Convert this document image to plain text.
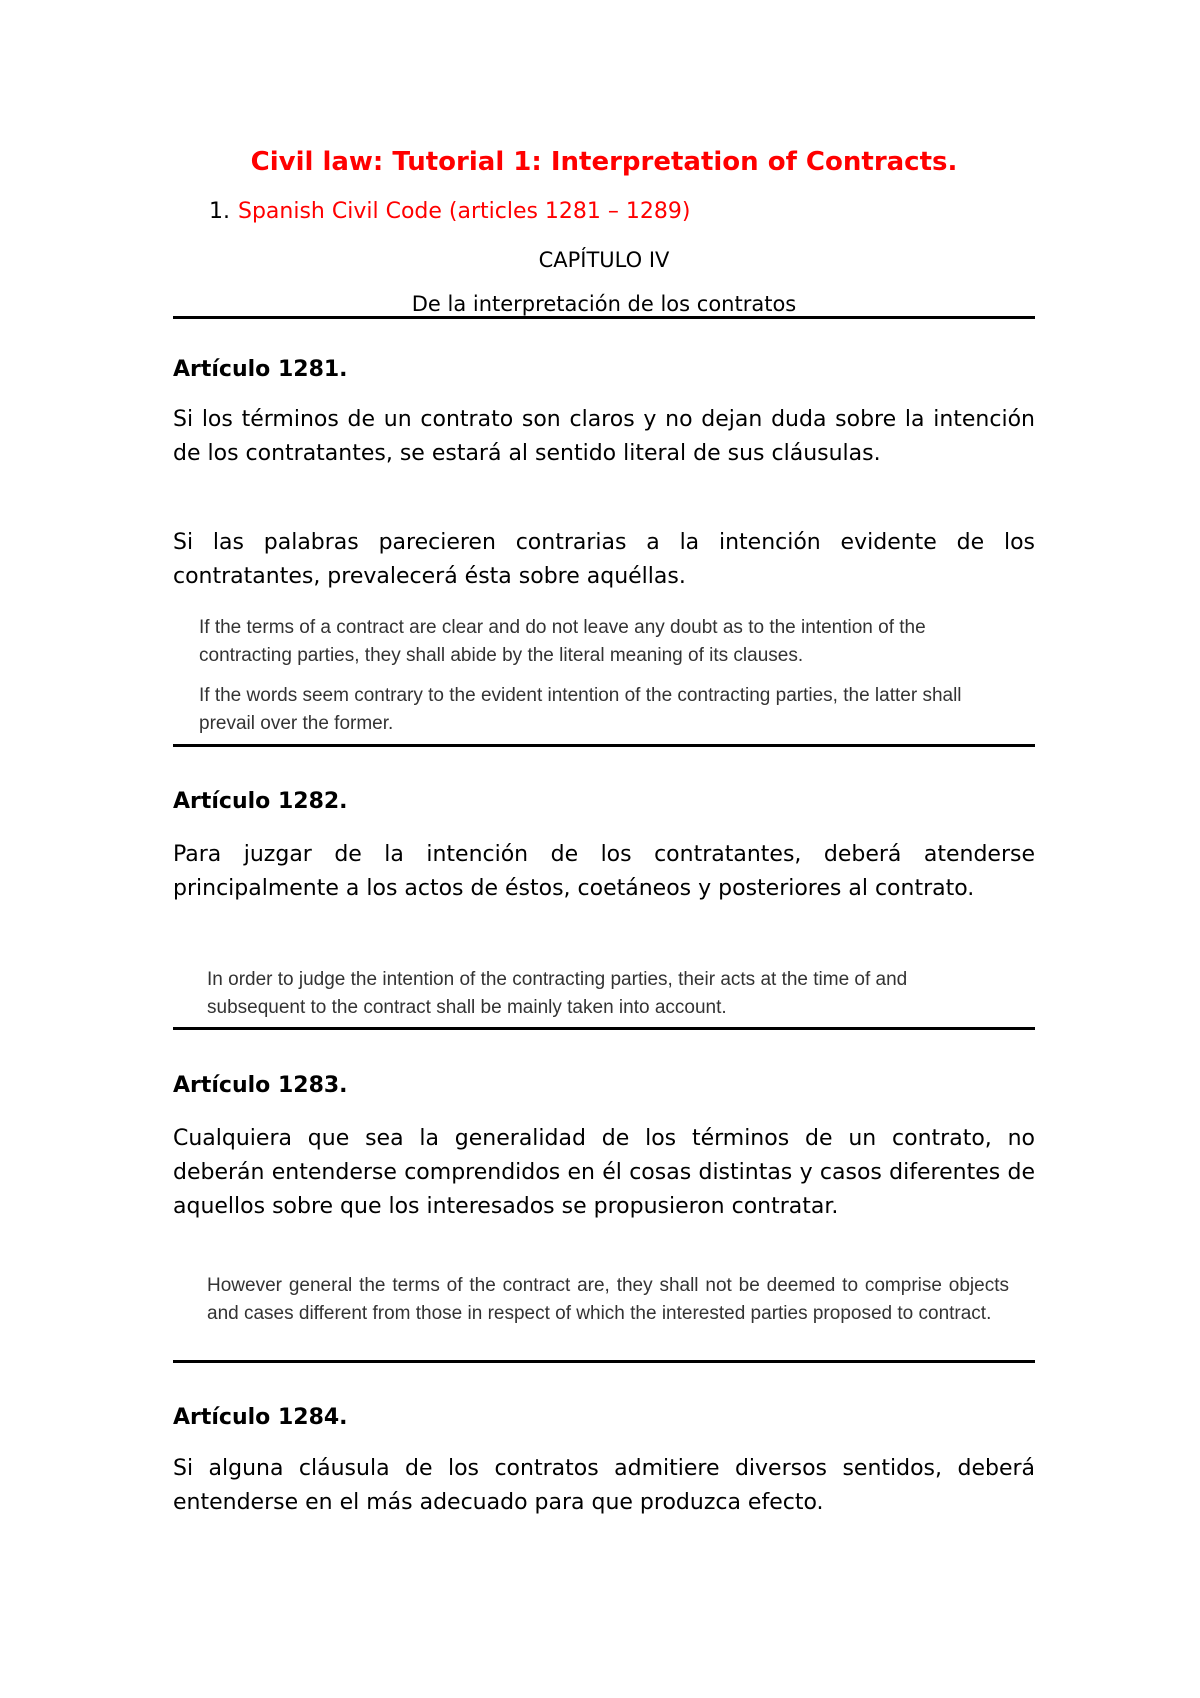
Civil law: Tutorial 1: Interpretation of Contracts.

1. Spanish Civil Code (articles 1281 – 1289)

CAPÍTULO IV

De la interpretación de los contratos

Artículo 1281.

Si los términos de un contrato son claros y no dejan duda sobre la intención de los contratantes, se estará al sentido literal de sus cláusulas.

Si las palabras parecieren contrarias a la intención evidente de los contratantes, prevalecerá ésta sobre aquéllas.

If the terms of a contract are clear and do not leave any doubt as to the intention of the contracting parties, they shall abide by the literal meaning of its clauses.

If the words seem contrary to the evident intention of the contracting parties, the latter shall prevail over the former.

Artículo 1282.

Para juzgar de la intención de los contratantes, deberá atenderse principalmente a los actos de éstos, coetáneos y posteriores al contrato.

In order to judge the intention of the contracting parties, their acts at the time of and subsequent to the contract shall be mainly taken into account.

Artículo 1283.

Cualquiera que sea la generalidad de los términos de un contrato, no deberán entenderse comprendidos en él cosas distintas y casos diferentes de aquellos sobre que los interesados se propusieron contratar.

However general the terms of the contract are, they shall not be deemed to comprise objects and cases different from those in respect of which the interested parties proposed to contract.

Artículo 1284.

Si alguna cláusula de los contratos admitiere diversos sentidos, deberá entenderse en el más adecuado para que produzca efecto.
